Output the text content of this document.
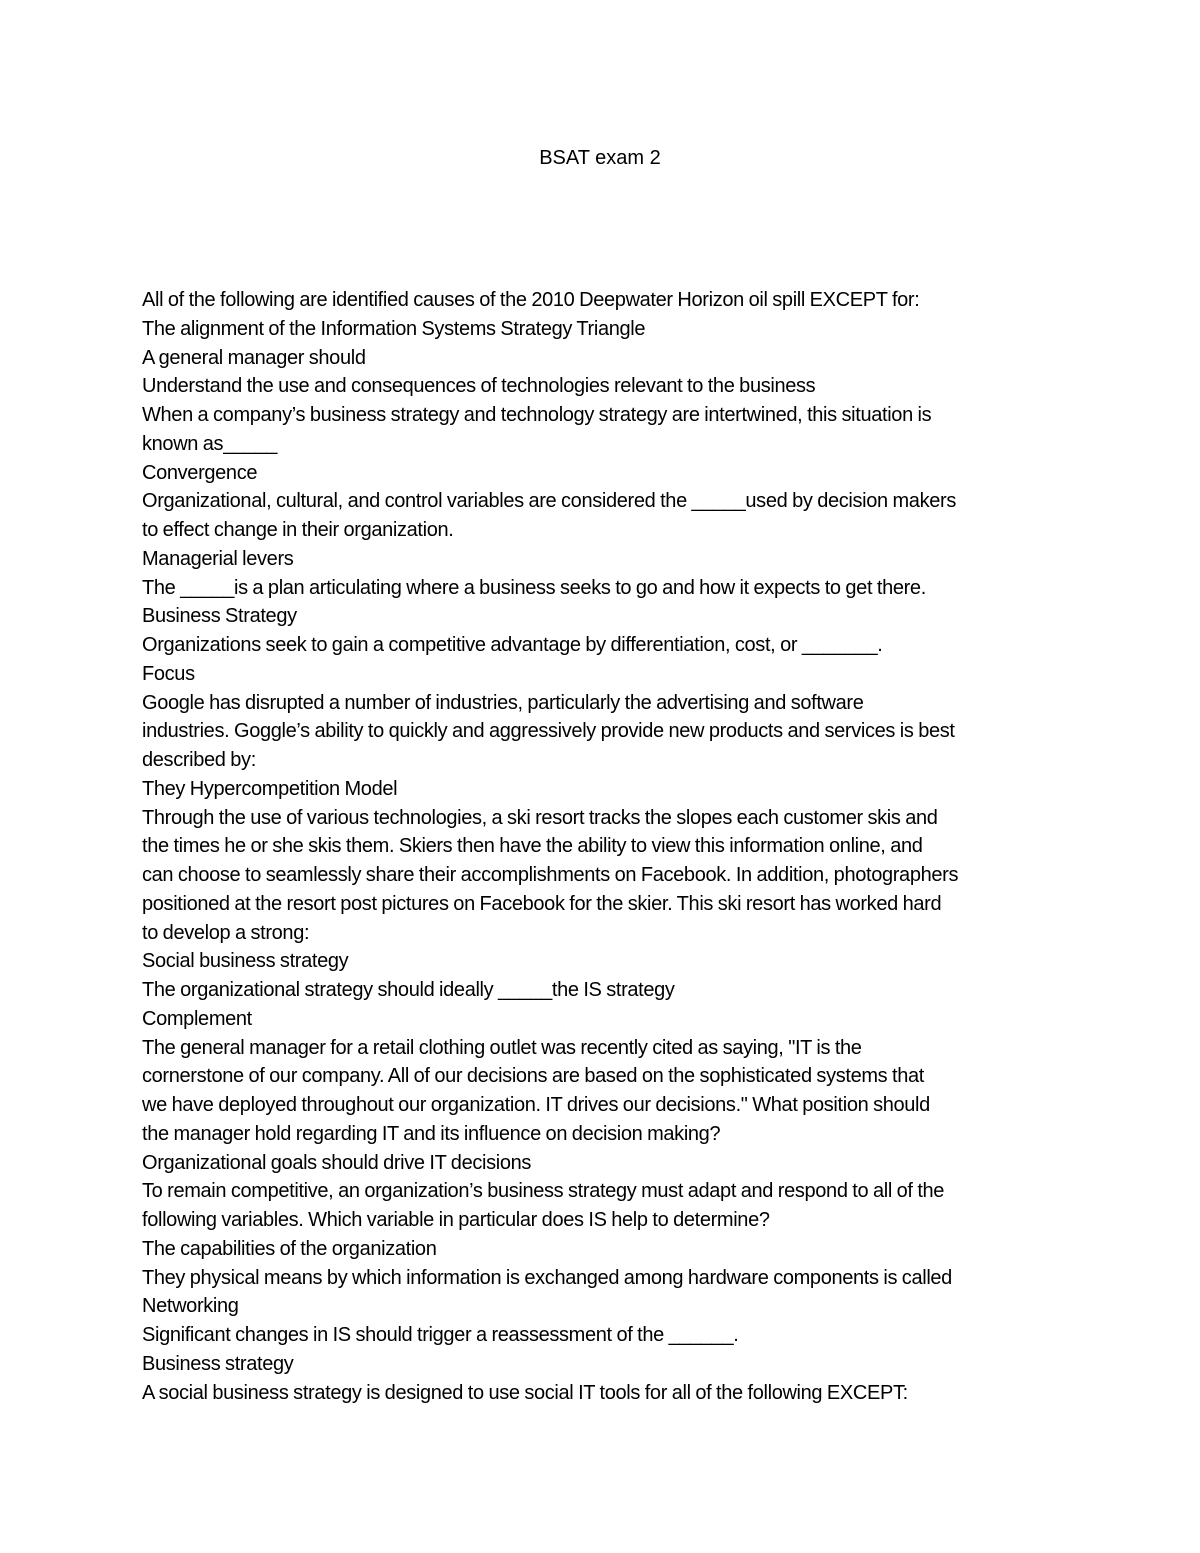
BSAT exam 2
All of the following are identified causes of the 2010 Deepwater Horizon oil spill EXCEPT for:
The alignment of the Information Systems Strategy Triangle
A general manager should
Understand the use and consequences of technologies relevant to the business
When a company’s business strategy and technology strategy are intertwined, this situation is
known as_____
Convergence
Organizational, cultural, and control variables are considered the _____used by decision makers
to effect change in their organization.
Managerial levers
The _____is a plan articulating where a business seeks to go and how it expects to get there.
Business Strategy
Organizations seek to gain a competitive advantage by differentiation, cost, or _______.
Focus
Google has disrupted a number of industries, particularly the advertising and software
industries. Goggle’s ability to quickly and aggressively provide new products and services is best
described by:
They Hypercompetition Model
Through the use of various technologies, a ski resort tracks the slopes each customer skis and
the times he or she skis them. Skiers then have the ability to view this information online, and
can choose to seamlessly share their accomplishments on Facebook. In addition, photographers
positioned at the resort post pictures on Facebook for the skier. This ski resort has worked hard
to develop a strong:
Social business strategy
The organizational strategy should ideally _____the IS strategy
Complement
The general manager for a retail clothing outlet was recently cited as saying, "IT is the
cornerstone of our company. All of our decisions are based on the sophisticated systems that
we have deployed throughout our organization. IT drives our decisions." What position should
the manager hold regarding IT and its influence on decision making?
Organizational goals should drive IT decisions
To remain competitive, an organization’s business strategy must adapt and respond to all of the
following variables. Which variable in particular does IS help to determine?
The capabilities of the organization
They physical means by which information is exchanged among hardware components is called
Networking
Significant changes in IS should trigger a reassessment of the ______.
Business strategy
A social business strategy is designed to use social IT tools for all of the following EXCEPT:
